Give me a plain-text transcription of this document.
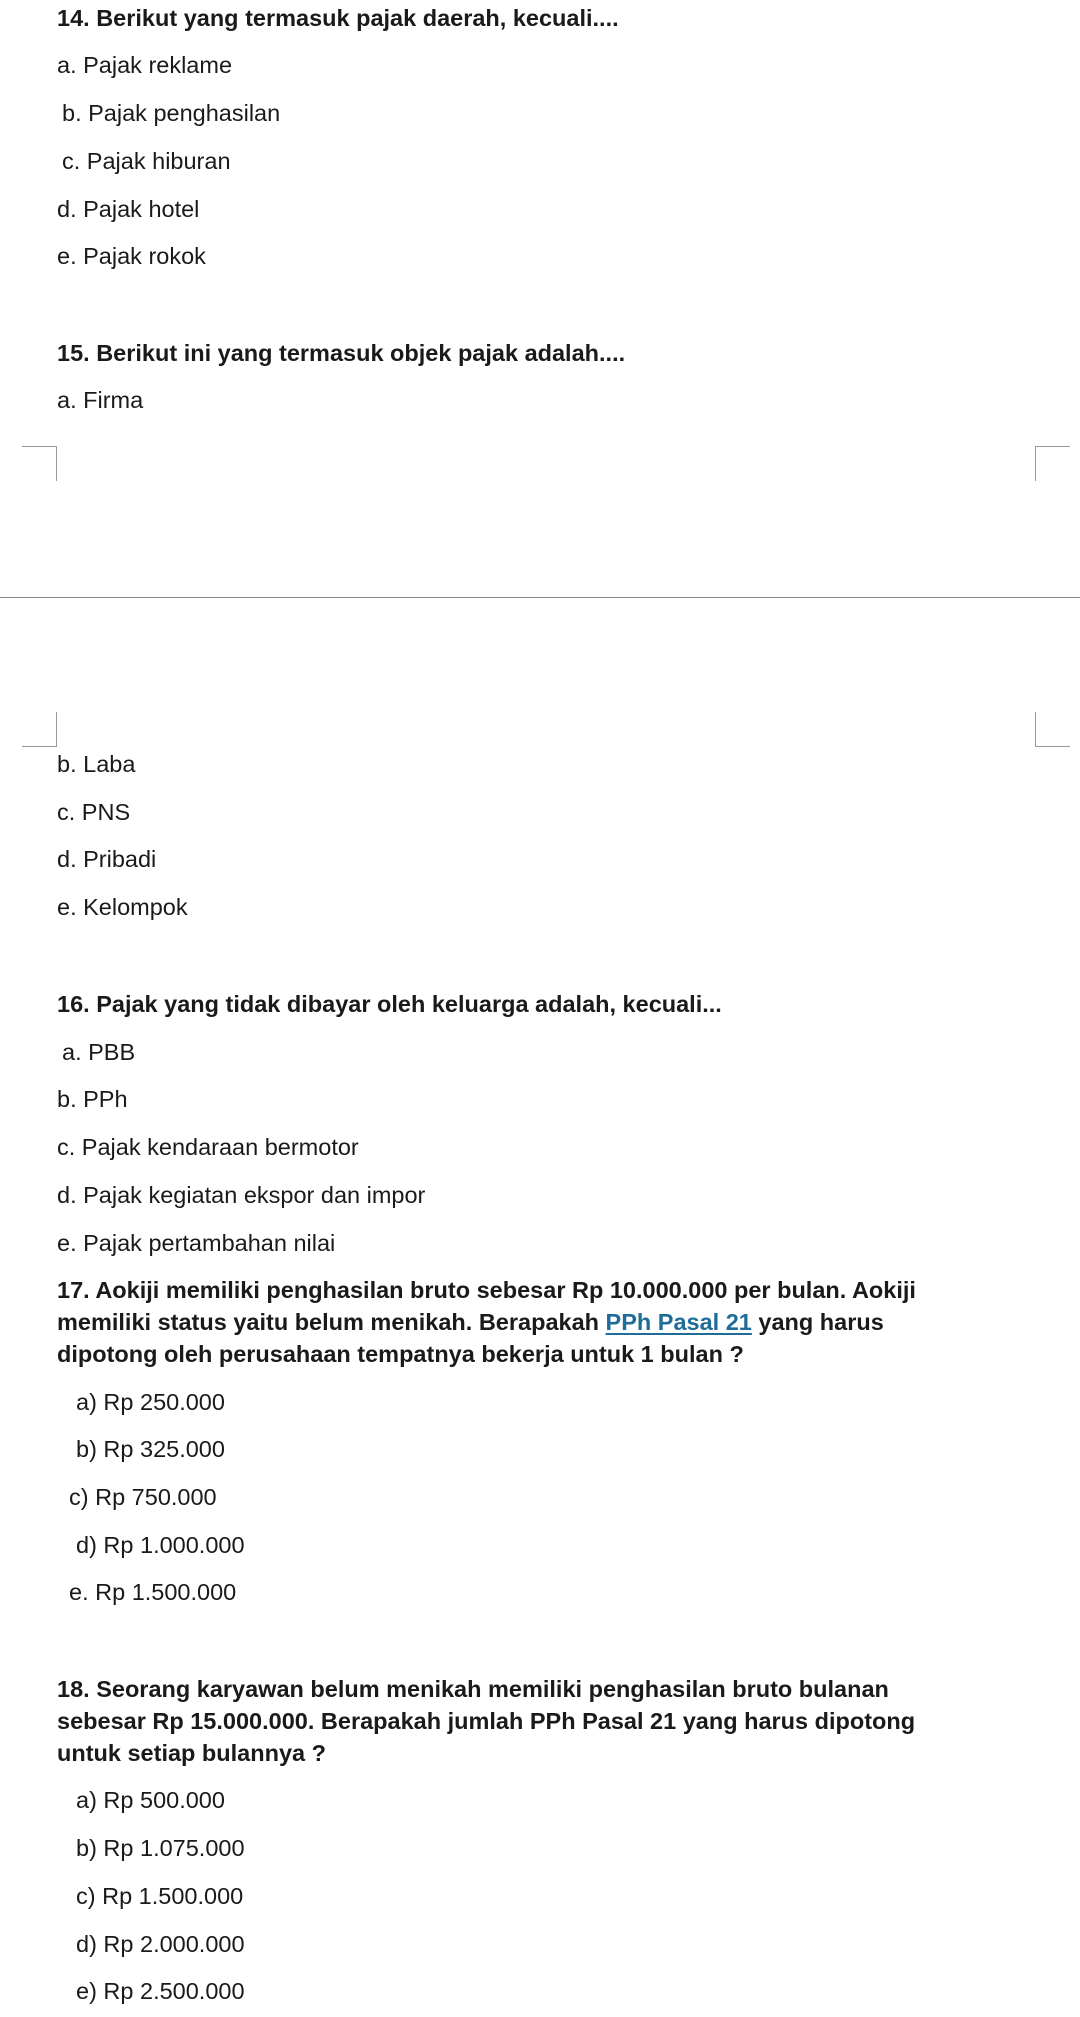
14. Berikut yang termasuk pajak daerah, kecuali....

a. Pajak reklame

b. Pajak penghasilan

c. Pajak hiburan

d. Pajak hotel

e. Pajak rokok

15. Berikut ini yang termasuk objek pajak adalah....

a. Firma

b. Laba

c. PNS

d. Pribadi

e. Kelompok

16. Pajak yang tidak dibayar oleh keluarga adalah, kecuali...

a. PBB

b. PPh

c. Pajak kendaraan bermotor

d. Pajak kegiatan ekspor dan impor

e. Pajak pertambahan nilai

17. Aokiji memiliki penghasilan bruto sebesar Rp 10.000.000 per bulan. Aokiji

memiliki status yaitu belum menikah. Berapakah PPh Pasal 21 yang harus

dipotong oleh perusahaan tempatnya bekerja untuk 1 bulan ?

a) Rp 250.000

b) Rp 325.000

c) Rp 750.000

d) Rp 1.000.000

e. Rp 1.500.000

18. Seorang karyawan belum menikah memiliki penghasilan bruto bulanan

sebesar Rp 15.000.000. Berapakah jumlah PPh Pasal 21 yang harus dipotong

untuk setiap bulannya ?

a) Rp 500.000

b) Rp 1.075.000

c) Rp 1.500.000

d) Rp 2.000.000

e) Rp 2.500.000
